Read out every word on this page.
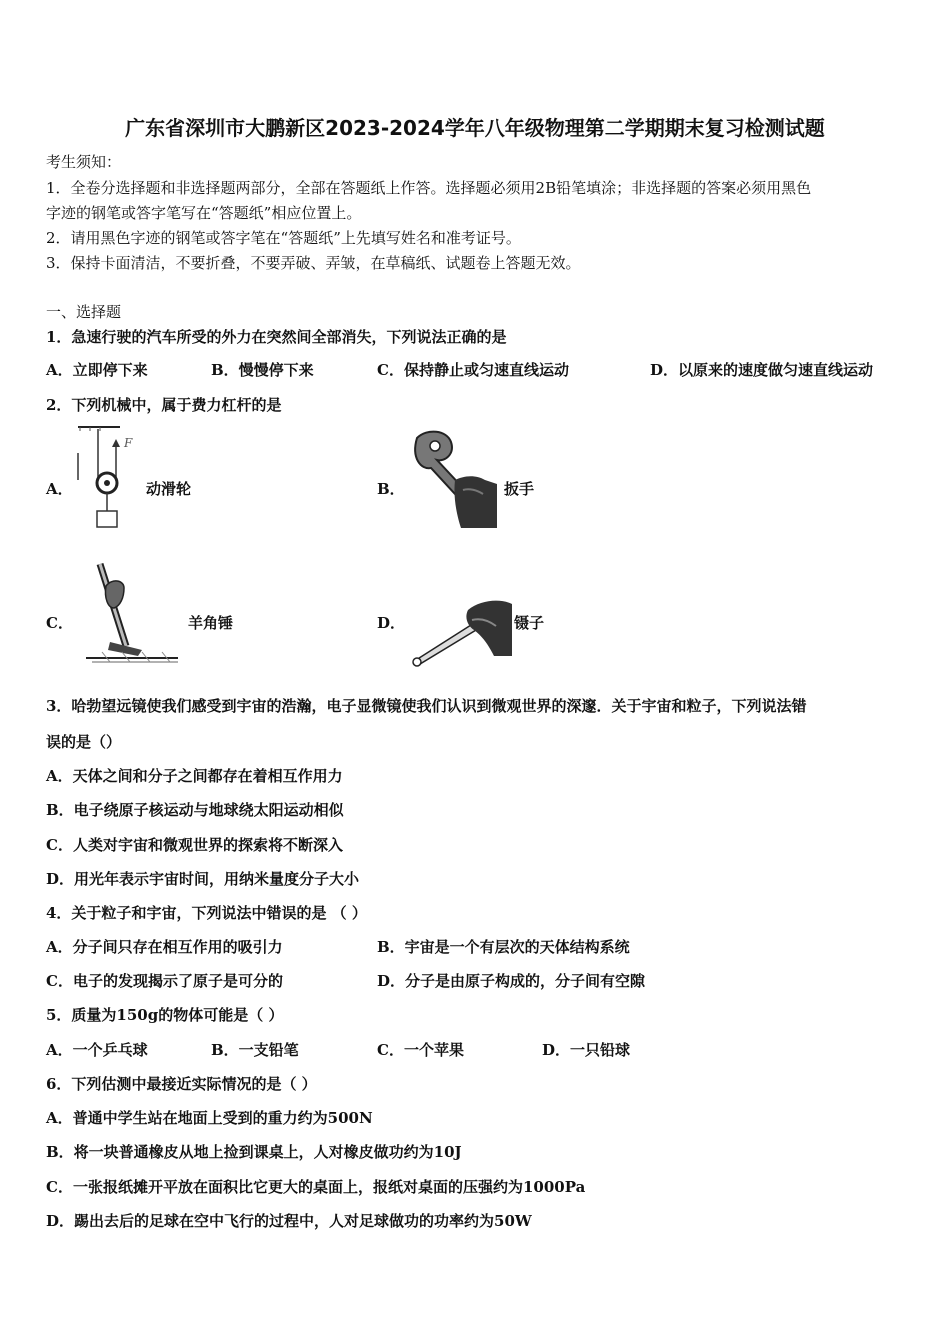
广东省深圳市大鹏新区2023-2024学年八年级物理第二学期期末复习检测试题
考生须知：
1．全卷分选择题和非选择题两部分，全部在答题纸上作答。选择题必须用2B铅笔填涂；非选择题的答案必须用黑色
字迹的钢笔或答字笔写在“答题纸”相应位置上。
2．请用黑色字迹的钢笔或答字笔在“答题纸”上先填写姓名和准考证号。
3．保持卡面清洁，不要折叠，不要弄破、弄皱，在草稿纸、试题卷上答题无效。
一、选择题
1．急速行驶的汽车所受的外力在突然间全部消失，下列说法正确的是
A．立即停下来	B．慢慢停下来	C．保持静止或匀速直线运动	D．以原来的速度做匀速直线运动
2．下列机械中，属于费力杠杆的是
A．
F
动滑轮	B．	扳手
C．	羊角锤	D．	镊子
3．哈勃望远镜使我们感受到宇宙的浩瀚，电子显微镜使我们认识到微观世界的深邃．关于宇宙和粒子，下列说法错
误的是（）
A．天体之间和分子之间都存在着相互作用力
B．电子绕原子核运动与地球绕太阳运动相似
C．人类对宇宙和微观世界的探索将不断深入
D．用光年表示宇宙时间，用纳米量度分子大小
4．关于粒子和宇宙，下列说法中错误的是 （ ）
A．分子间只存在相互作用的吸引力	B．宇宙是一个有层次的天体结构系统
C．电子的发现揭示了原子是可分的	D．分子是由原子构成的，分子间有空隙
5．质量为150g的物体可能是（ ）
A．一个乒乓球	B．一支铅笔	C．一个苹果	D．一只铅球
6．下列估测中最接近实际情况的是（ ）
A．普通中学生站在地面上受到的重力约为500N
B．将一块普通橡皮从地上捡到课桌上，人对橡皮做功约为10J
C．一张报纸摊开平放在面积比它更大的桌面上，报纸对桌面的压强约为1000Pa
D．踢出去后的足球在空中飞行的过程中，人对足球做功的功率约为50W
